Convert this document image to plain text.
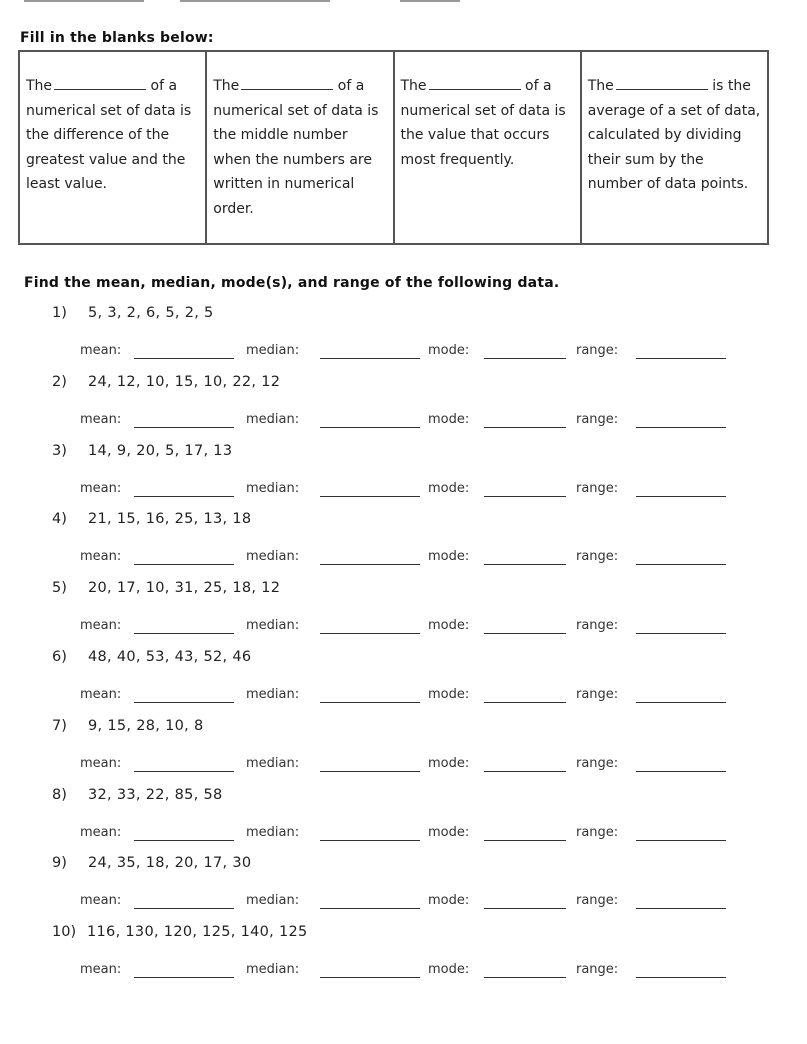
Fill in the blanks below:
The	of a numerical set of data is the difference of the greatest value and the least value.	The	of a numerical set of data is the middle number when the numbers are written in numerical order.	The	of a numerical set of data is the value that occurs most frequently.	The	is the average of a set of data, calculated by dividing their sum by the number of data points.
Find the mean, median, mode(s), and range of the following data.
1)	5, 3, 2, 6, 5, 2, 5
mean:	median:	mode:	range:
2)	24, 12, 10, 15, 10, 22, 12
mean:	median:	mode:	range:
3)	14, 9, 20, 5, 17, 13
mean:	median:	mode:	range:
4)	21, 15, 16, 25, 13, 18
mean:	median:	mode:	range:
5)	20, 17, 10, 31, 25, 18, 12
mean:	median:	mode:	range:
6)	48, 40, 53, 43, 52, 46
mean:	median:	mode:	range:
7)	9, 15, 28, 10, 8
mean:	median:	mode:	range:
8)	32, 33, 22, 85, 58
mean:	median:	mode:	range:
9)	24, 35, 18, 20, 17, 30
mean:	median:	mode:	range:
10) 116, 130, 120, 125, 140, 125
mean:	median:	mode:	range:
